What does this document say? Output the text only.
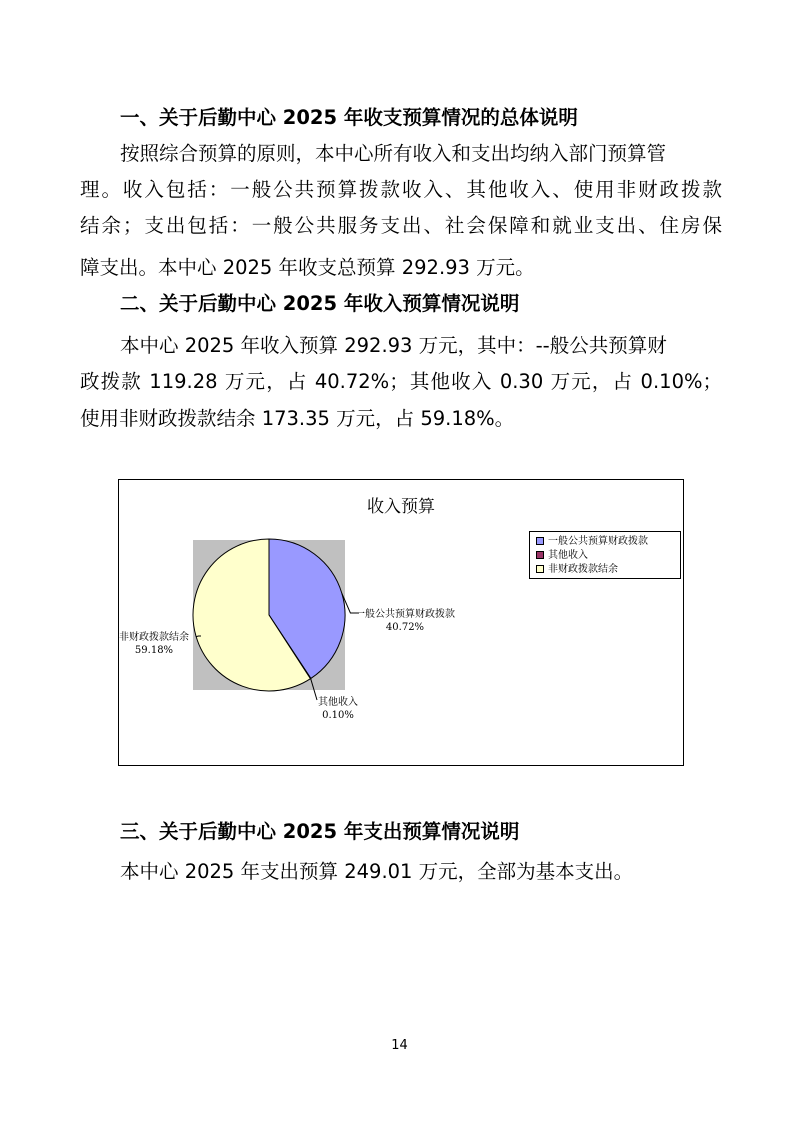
一、关于后勤中心 2025 年收支预算情况的总体说明
按照综合预算的原则，本中心所有收入和支出均纳入部门预算管
理。收入包括：一般公共预算拨款收入、其他收入、使用非财政拨款
结余；支出包括：一般公共服务支出、社会保障和就业支出、住房保
障支出。本中心 2025 年收支总预算 292.93 万元。
二、关于后勤中心 2025 年收入预算情况说明
本中心 2025 年收入预算 292.93 万元，其中：--般公共预算财
政拨款 119.28 万元，占 40.72%；其他收入 0.30 万元，占 0.10%；
使用非财政拨款结余 173.35 万元，占 59.18%。
收入预算
一般公共预算财政拨款
40.72%
非财政拨款结余
59.18%
其他收入
0.10%
一般公共预算财政拨款
其他收入
非财政拨款结余
三、关于后勤中心 2025 年支出预算情况说明
本中心 2025 年支出预算 249.01 万元，全部为基本支出。
14
